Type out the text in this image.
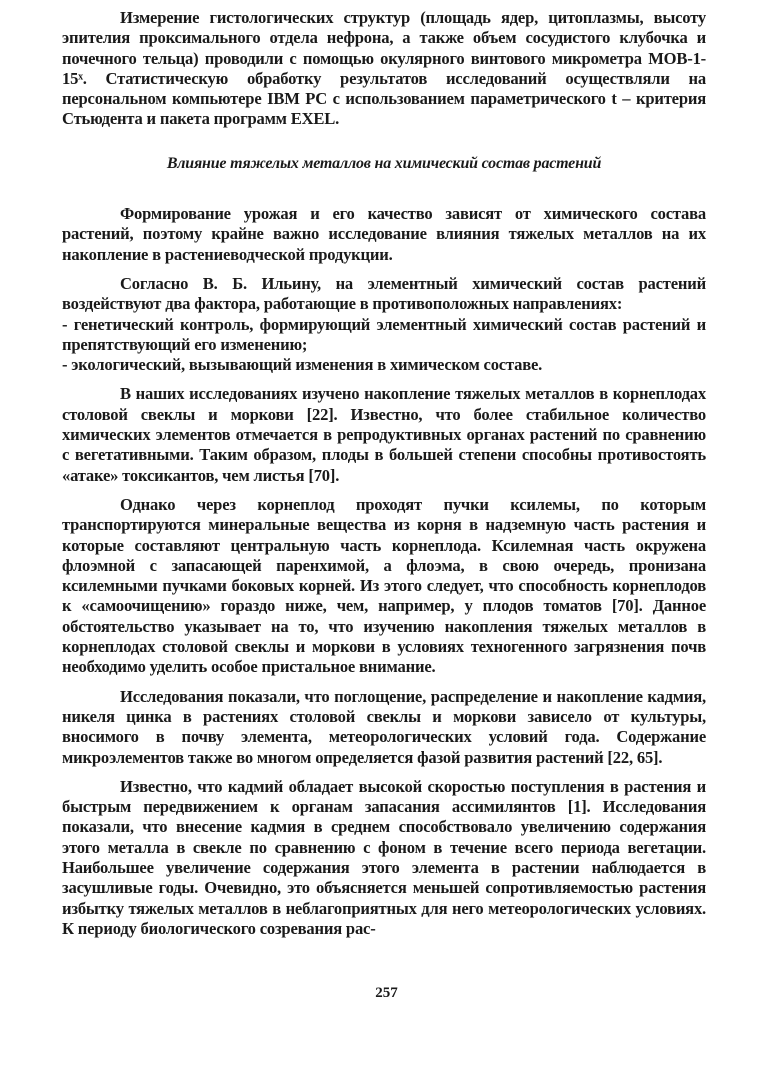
Измерение гистологических структур (площадь ядер, цитоплазмы, высоту эпителия проксимального отдела нефрона, а также объем сосудистого клубочка и почечного тельца) проводили с помощью окулярного винтового микрометра МОВ-1-15ˣ. Статистическую обработку результатов исследований осуществляли на персональном компьютере IBM PC с использованием параметрического t – критерия Стьюдента и пакета программ EXEL.

Влияние тяжелых металлов на химический состав растений

Формирование урожая и его качество зависят от химического состава растений, поэтому крайне важно исследование влияния тяжелых металлов на их накопление в растениеводческой продукции.

Согласно В. Б. Ильину, на элементный химический состав растений воздействуют два фактора, работающие в противоположных направлениях:

- генетический контроль, формирующий элементный химический состав растений и препятствующий его изменению;

- экологический, вызывающий изменения в химическом составе.

В наших исследованиях изучено накопление тяжелых металлов в корнеплодах столовой свеклы и моркови [22]. Известно, что более стабильное количество химических элементов отмечается в репродуктивных органах растений по сравнению с вегетативными. Таким образом, плоды в большей степени способны противостоять «атаке» токсикантов, чем листья [70].

Однако через корнеплод проходят пучки ксилемы, по которым транспортируются минеральные вещества из корня в надземную часть растения и которые составляют центральную часть корнеплода. Ксилемная часть окружена флоэмной с запасающей паренхимой, а флоэма, в свою очередь, пронизана ксилемными пучками боковых корней. Из этого следует, что способность корнеплодов к «самоочищению» гораздо ниже, чем, например, у плодов томатов [70]. Данное обстоятельство указывает на то, что изучению накопления тяжелых металлов в корнеплодах столовой свеклы и моркови в условиях техногенного загрязнения почв необходимо уделить особое пристальное внимание.

Исследования показали, что поглощение, распределение и накопление кадмия, никеля цинка в растениях столовой свеклы и моркови зависело от культуры, вносимого в почву элемента, метеорологических условий года. Содержание микроэлементов также во многом определяется фазой развития растений [22, 65].

Известно, что кадмий обладает высокой скоростью поступления в растения и быстрым передвижением к органам запасания ассимилянтов [1]. Исследования показали, что внесение кадмия в среднем способствовало увеличению содержания этого металла в свекле по сравнению с фоном в течение всего периода вегетации. Наибольшее увеличение содержания этого элемента в растении наблюдается в засушливые годы. Очевидно, это объясняется меньшей сопротивляемостью растения избытку тяжелых металлов в неблагоприятных для него метеорологических условиях. К периоду биологического созревания рас-

257
